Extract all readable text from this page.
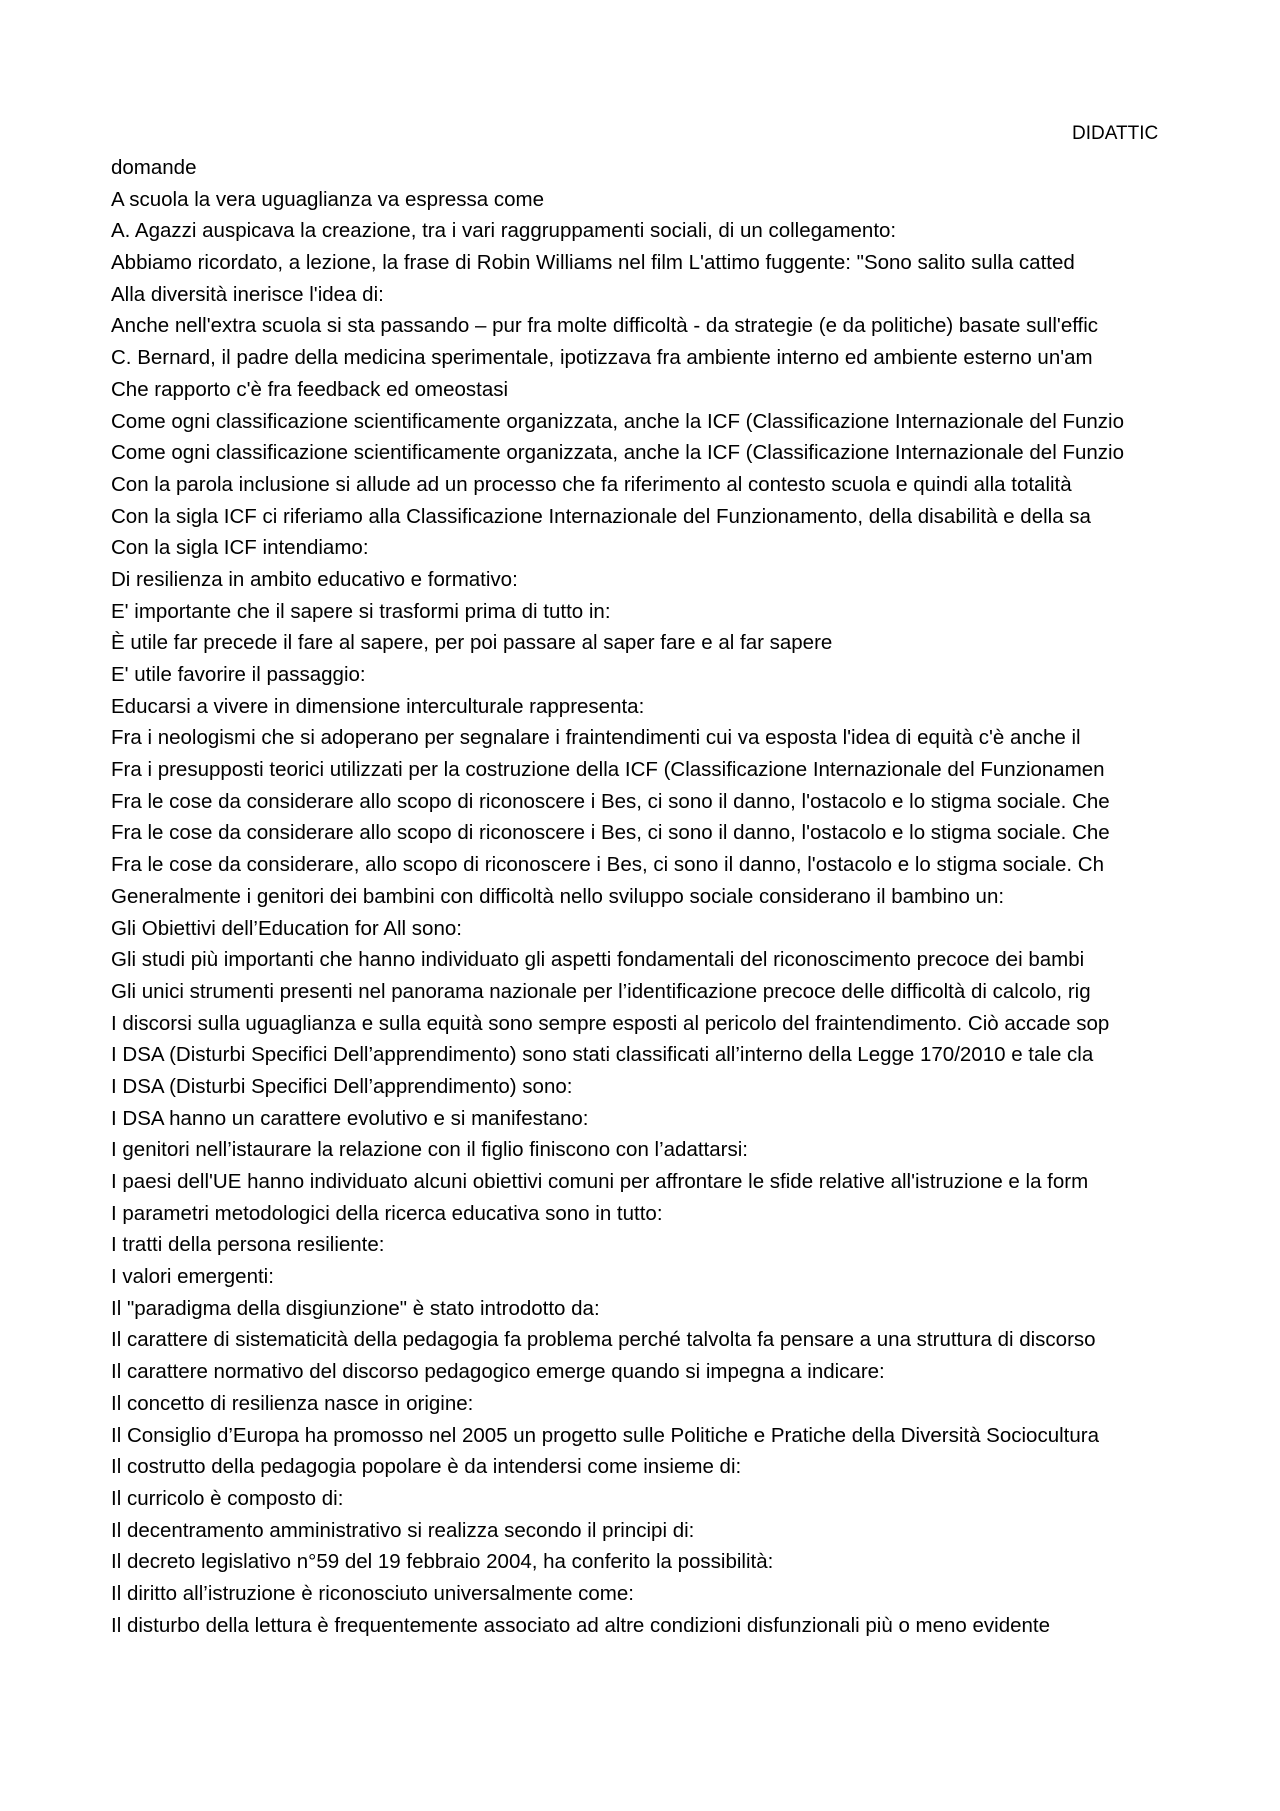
DIDATTIC
domande
A scuola la vera uguaglianza va espressa come
A. Agazzi auspicava la creazione, tra i vari raggruppamenti sociali, di un collegamento:
Abbiamo ricordato, a lezione, la frase di Robin Williams nel film L'attimo fuggente: "Sono salito sulla catted
Alla diversità inerisce l'idea di:
Anche nell'extra scuola si sta passando – pur fra molte difficoltà - da strategie (e da politiche) basate sull'effic
C. Bernard, il padre della medicina sperimentale, ipotizzava fra ambiente interno ed ambiente esterno un'am
Che rapporto c'è fra feedback ed omeostasi
Come ogni classificazione scientificamente organizzata, anche la ICF (Classificazione Internazionale del Funzio
Come ogni classificazione scientificamente organizzata, anche la ICF (Classificazione Internazionale del Funzio
Con la parola inclusione si allude ad un processo che fa riferimento al contesto scuola e quindi alla totalità
Con la sigla ICF ci riferiamo alla Classificazione Internazionale del Funzionamento, della disabilità e della sa
Con la sigla ICF intendiamo:
Di resilienza in ambito educativo e formativo:
E' importante che il sapere si trasformi prima di tutto in:
È utile far precede il fare al sapere, per poi passare al saper fare e al far sapere
E' utile favorire il passaggio:
Educarsi a vivere in dimensione interculturale rappresenta:
Fra i neologismi che si adoperano per segnalare i fraintendimenti cui va esposta l'idea di equità c'è anche il
Fra i presupposti teorici utilizzati per la costruzione della ICF (Classificazione Internazionale del Funzionamen
Fra le cose da considerare allo scopo di riconoscere i Bes, ci sono il danno, l'ostacolo e lo stigma sociale. Che
Fra le cose da considerare allo scopo di riconoscere i Bes, ci sono il danno, l'ostacolo e lo stigma sociale. Che
Fra le cose da considerare, allo scopo di riconoscere i Bes, ci sono il danno, l'ostacolo e lo stigma sociale. Ch
Generalmente i genitori dei bambini con difficoltà nello sviluppo sociale considerano il bambino un:
Gli Obiettivi dell’Education for All sono:
Gli studi più importanti che hanno individuato gli aspetti fondamentali del riconoscimento precoce dei bambi
Gli unici strumenti presenti nel panorama nazionale per l’identificazione precoce delle difficoltà di calcolo, rig
I discorsi sulla uguaglianza e sulla equità sono sempre esposti al pericolo del fraintendimento. Ciò accade sop
I DSA (Disturbi Specifici Dell’apprendimento) sono stati classificati all’interno della Legge 170/2010 e tale cla
I DSA (Disturbi Specifici Dell’apprendimento) sono:
I DSA hanno un carattere evolutivo e si manifestano:
I genitori nell’istaurare la relazione con il figlio finiscono con l’adattarsi:
I paesi dell'UE hanno individuato alcuni obiettivi comuni per affrontare le sfide relative all'istruzione e la form
I parametri metodologici della ricerca educativa sono in tutto:
I tratti della persona resiliente:
I valori emergenti:
Il "paradigma della disgiunzione" è stato introdotto da:
Il carattere di sistematicità della pedagogia fa problema perché talvolta fa pensare a una struttura di discorso
Il carattere normativo del discorso pedagogico emerge quando si impegna a indicare:
Il concetto di resilienza nasce in origine:
Il Consiglio d’Europa ha promosso nel 2005 un progetto sulle Politiche e Pratiche della Diversità Sociocultura
Il costrutto della pedagogia popolare è da intendersi come insieme di:
Il curricolo è composto di:
Il decentramento amministrativo si realizza secondo il principi di:
Il decreto legislativo n°59 del 19 febbraio 2004, ha conferito la possibilità:
Il diritto all’istruzione è riconosciuto universalmente come:
Il disturbo della lettura è frequentemente associato ad altre condizioni disfunzionali più o meno evidente
